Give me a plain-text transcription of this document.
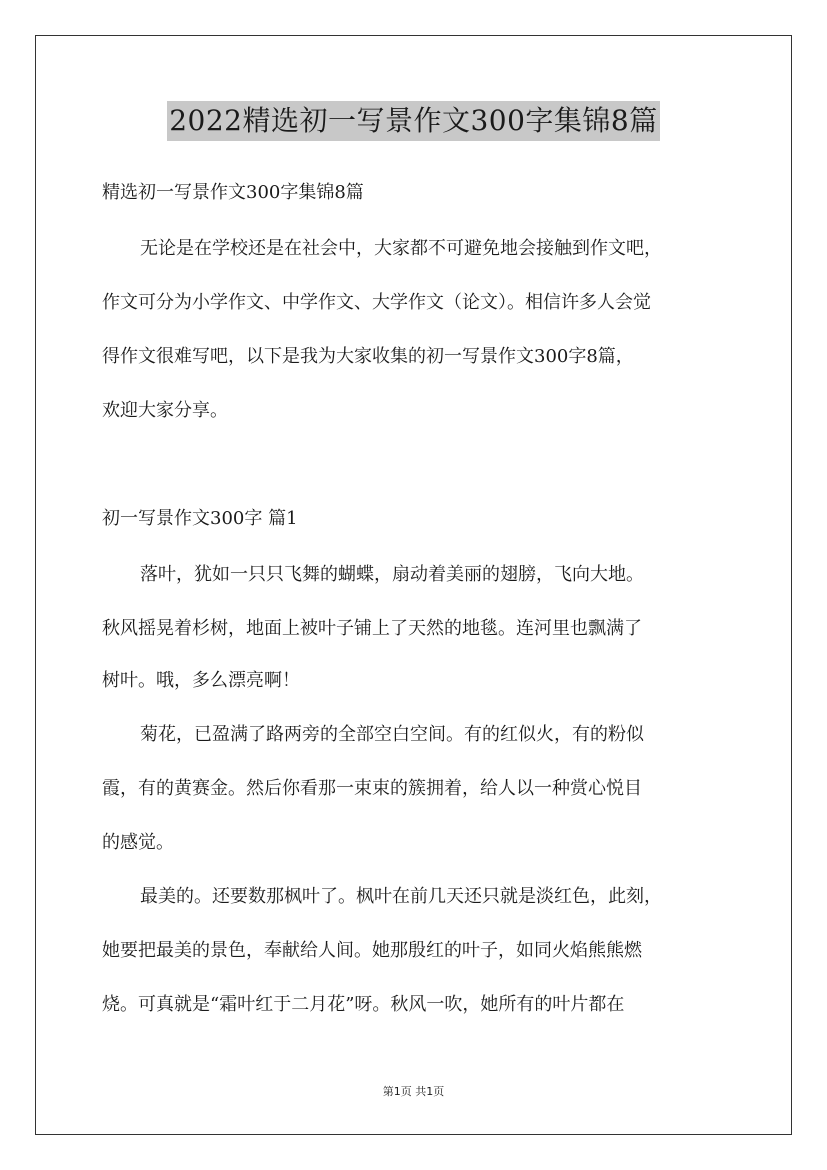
2022精选初一写景作文300字集锦8篇
精选初一写景作文300字集锦8篇
无论是在学校还是在社会中，大家都不可避免地会接触到作文吧，
作文可分为小学作文、中学作文、大学作文（论文）。相信许多人会觉
得作文很难写吧，以下是我为大家收集的初一写景作文300字8篇，
欢迎大家分享。
初一写景作文300字 篇1
落叶，犹如一只只飞舞的蝴蝶，扇动着美丽的翅膀，飞向大地。
秋风摇晃着杉树，地面上被叶子铺上了天然的地毯。连河里也飘满了
树叶。哦，多么漂亮啊！
菊花，已盈满了路两旁的全部空白空间。有的红似火，有的粉似
霞，有的黄赛金。然后你看那一束束的簇拥着，给人以一种赏心悦目
的感觉。
最美的。还要数那枫叶了。枫叶在前几天还只就是淡红色，此刻，
她要把最美的景色，奉献给人间。她那殷红的叶子，如同火焰熊熊燃
烧。可真就是“霜叶红于二月花”呀。秋风一吹，她所有的叶片都在
第1页 共1页
